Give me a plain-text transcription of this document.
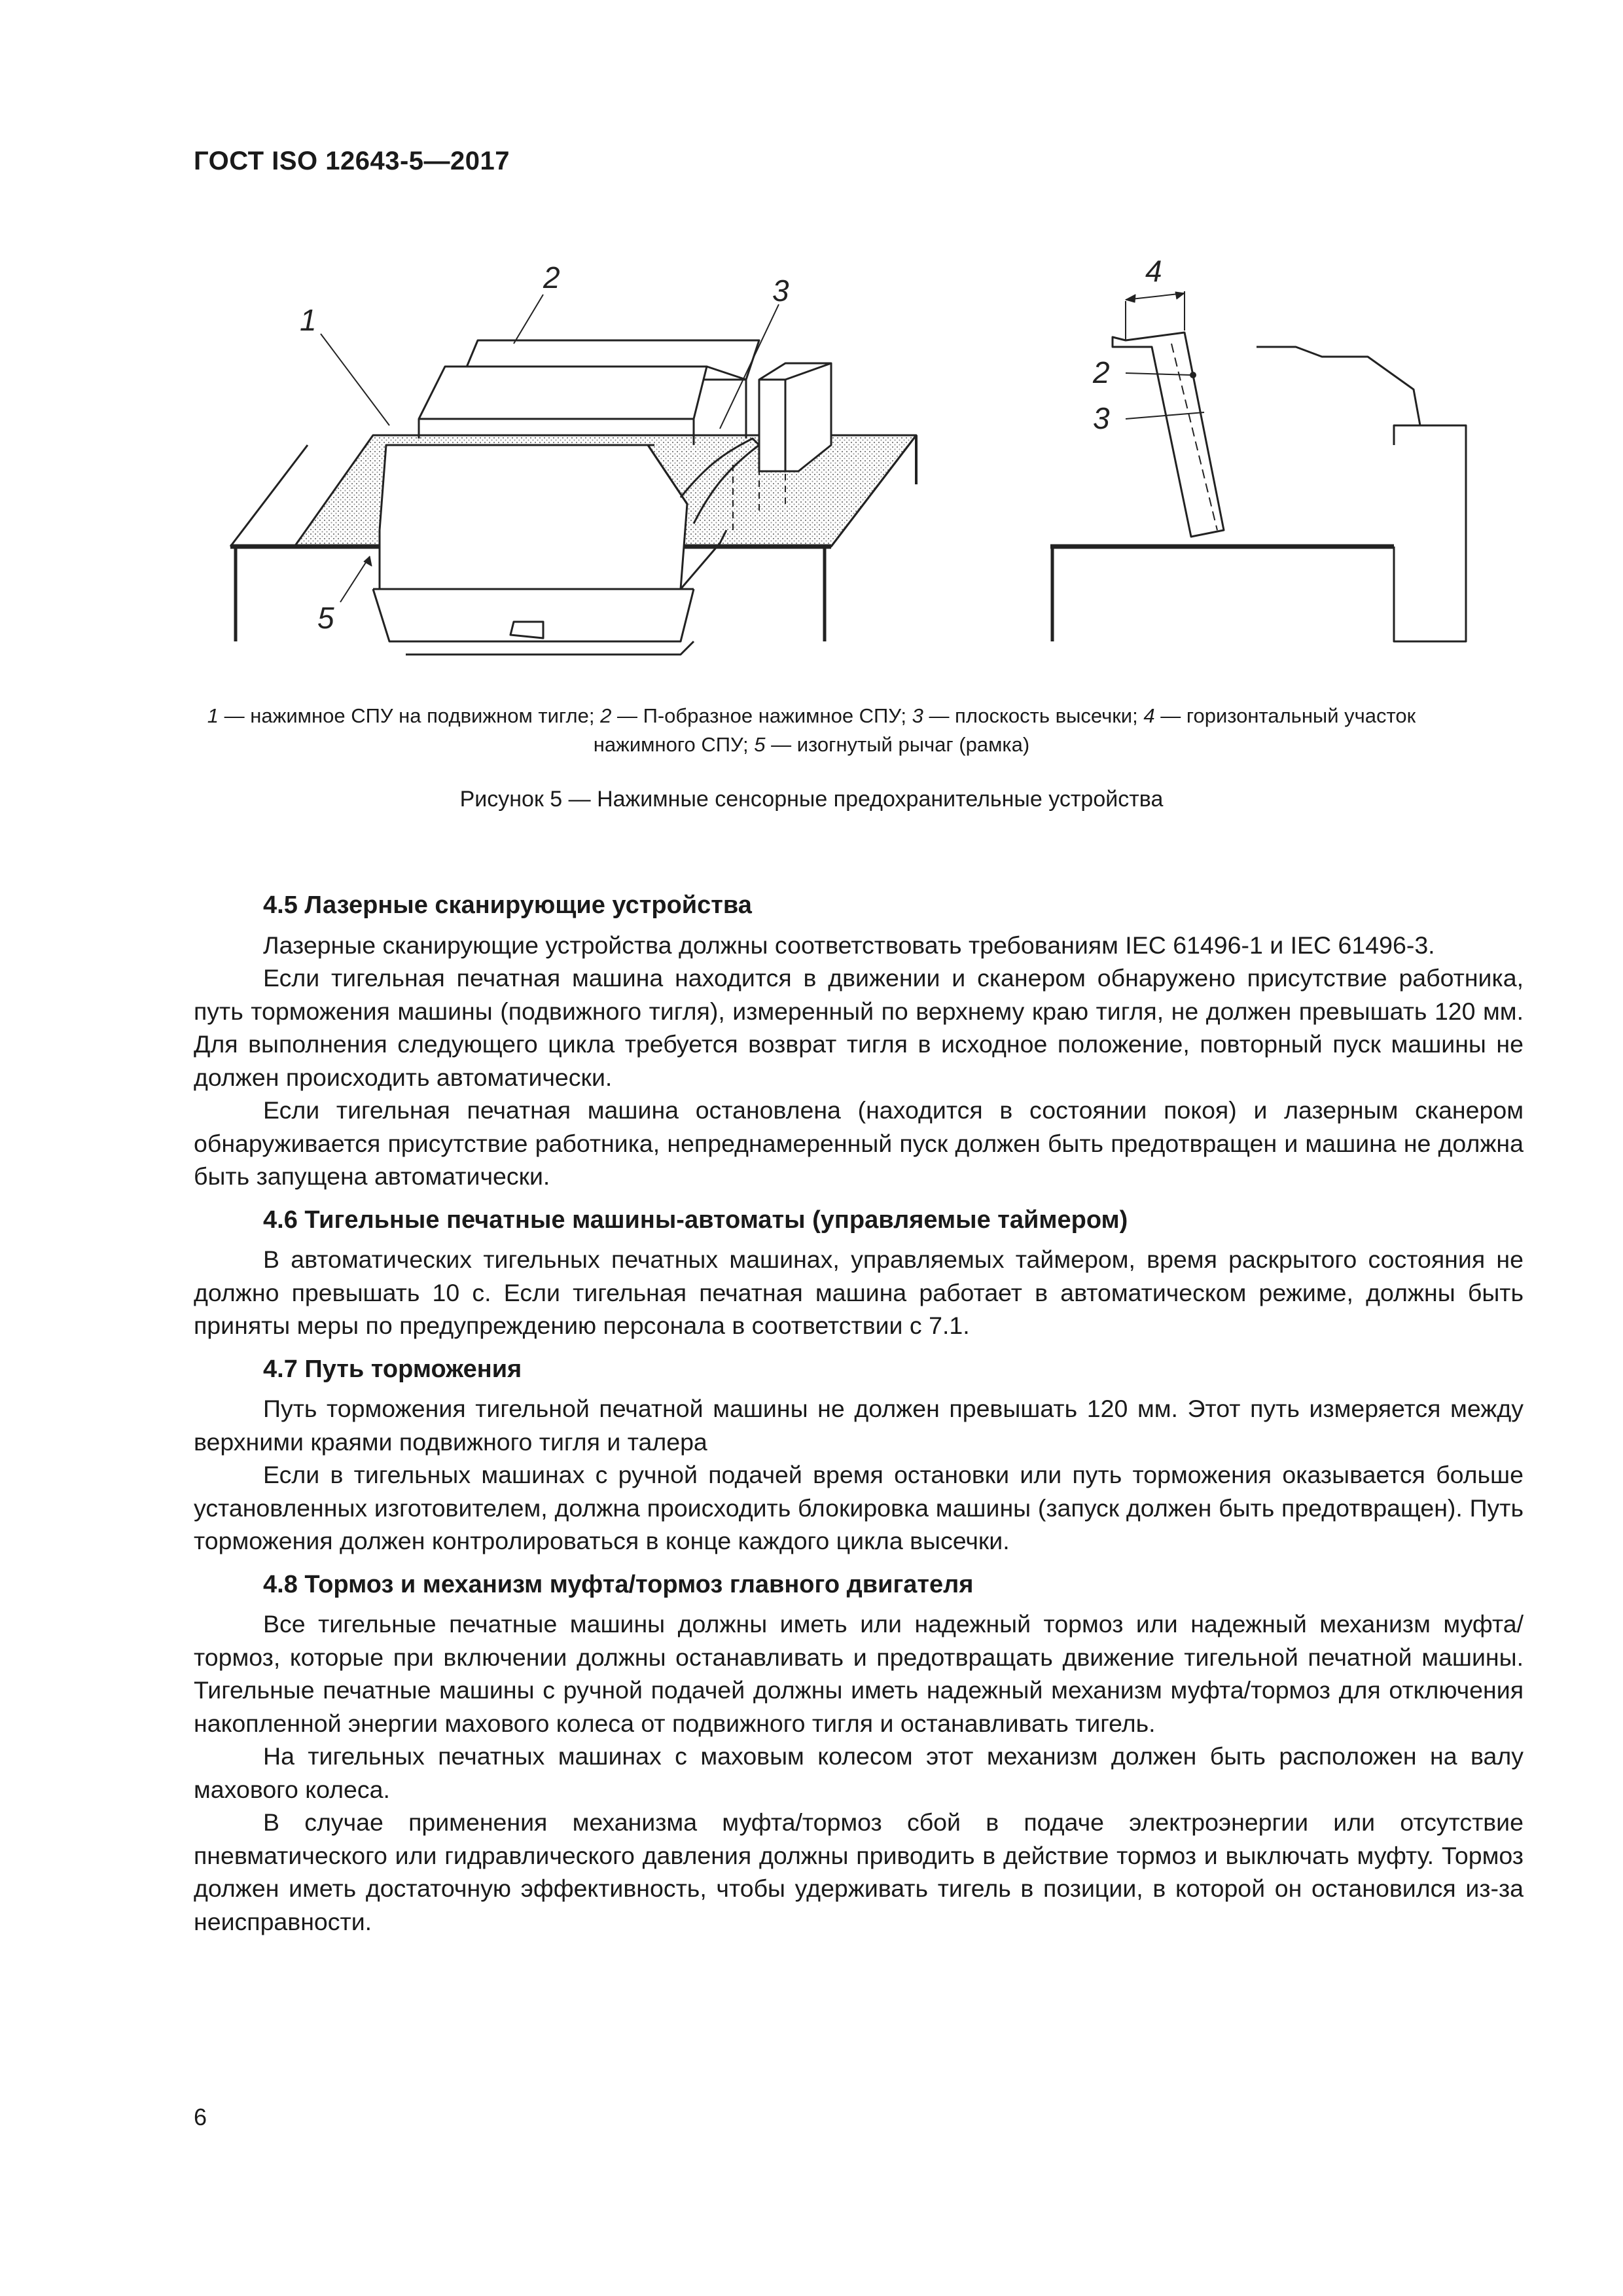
ГОСТ ISO 12643-5—2017
1
2	3
5
4
2
3
1 — нажимное СПУ на подвижном тигле; 2 — П-образное нажимное СПУ; 3 — плоскость высечки; 4 — горизонтальный участок нажимного СПУ; 5 — изогнутый рычаг (рамка)
Рисунок 5 — Нажимные сенсорные предохранительные устройства
4.5 Лазерные сканирующие устройства

Лазерные сканирующие устройства должны соответствовать требованиям IEC 61496-1 и IEC 61496-3.

Если тигельная печатная машина находится в движении и сканером обнаружено присутствие работника, путь торможения машины (подвижного тигля), измеренный по верхнему краю тигля, не должен превышать 120 мм. Для выполнения следующего цикла требуется возврат тигля в исходное положение, повторный пуск машины не должен происходить автоматически.

Если тигельная печатная машина остановлена (находится в состоянии покоя) и лазерным сканером обнаруживается присутствие работника, непреднамеренный пуск должен быть предотвращен и машина не должна быть запущена автоматически.

4.6 Тигельные печатные машины-автоматы (управляемые таймером)

В автоматических тигельных печатных машинах, управляемых таймером, время раскрытого состояния не должно превышать 10 с. Если тигельная печатная машина работает в автоматическом режиме, должны быть приняты меры по предупреждению персонала в соответствии с 7.1.

4.7 Путь торможения

Путь торможения тигельной печатной машины не должен превышать 120 мм. Этот путь измеряется между верхними краями подвижного тигля и талера

Если в тигельных машинах с ручной подачей время остановки или путь торможения оказывается больше установленных изготовителем, должна происходить блокировка машины (запуск должен быть предотвращен). Путь торможения должен контролироваться в конце каждого цикла высечки.

4.8 Тормоз и механизм муфта/тормоз главного двигателя

Все тигельные печатные машины должны иметь или надежный тормоз или надежный механизм муфта/тормоз, которые при включении должны останавливать и предотвращать движение тигельной печатной машины. Тигельные печатные машины с ручной подачей должны иметь надежный механизм муфта/тормоз для отключения накопленной энергии махового колеса от подвижного тигля и останавливать тигель.

На тигельных печатных машинах с маховым колесом этот механизм должен быть расположен на валу махового колеса.

В случае применения механизма муфта/тормоз сбой в подаче электроэнергии или отсутствие пневматического или гидравлического давления должны приводить в действие тормоз и выключать муфту. Тормоз должен иметь достаточную эффективность, чтобы удерживать тигель в позиции, в которой он остановился из-за неисправности.

6
